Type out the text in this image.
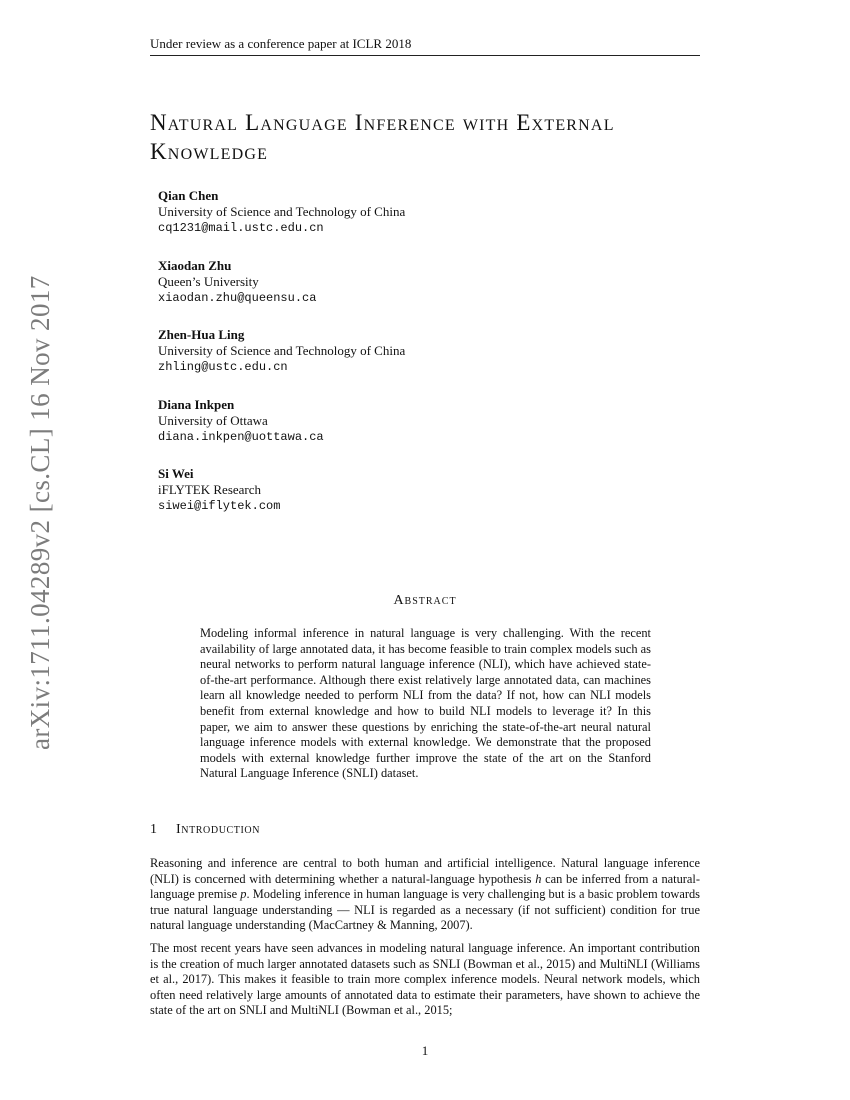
Under review as a conference paper at ICLR 2018
arXiv:1711.04289v2 [cs.CL] 16 Nov 2017
Natural Language Inference with External
Knowledge
Qian Chen
University of Science and Technology of China
cq1231@mail.ustc.edu.cn
Xiaodan Zhu
Queen’s University
xiaodan.zhu@queensu.ca
Zhen-Hua Ling
University of Science and Technology of China
zhling@ustc.edu.cn
Diana Inkpen
University of Ottawa
diana.inkpen@uottawa.ca
Si Wei
iFLYTEK Research
siwei@iflytek.com
Abstract

Modeling informal inference in natural language is very challenging. With the recent availability of large annotated data, it has become feasible to train complex models such as neural networks to perform natural language inference (NLI), which have achieved state-of-the-art performance. Although there exist relatively large annotated data, can machines learn all knowledge needed to perform NLI from the data? If not, how can NLI models benefit from external knowledge and how to build NLI models to leverage it? In this paper, we aim to answer these questions by enriching the state-of-the-art neural natural language inference models with external knowledge. We demonstrate that the proposed models with external knowledge further improve the state of the art on the Stanford Natural Language Inference (SNLI) dataset.

1 Introduction

Reasoning and inference are central to both human and artificial intelligence. Natural language inference (NLI) is concerned with determining whether a natural-language hypothesis h can be inferred from a natural-language premise p. Modeling inference in human language is very challenging but is a basic problem towards true natural language understanding — NLI is regarded as a necessary (if not sufficient) condition for true natural language understanding (MacCartney & Manning, 2007).

The most recent years have seen advances in modeling natural language inference. An important contribution is the creation of much larger annotated datasets such as SNLI (Bowman et al., 2015) and MultiNLI (Williams et al., 2017). This makes it feasible to train more complex inference models. Neural network models, which often need relatively large amounts of annotated data to estimate their parameters, have shown to achieve the state of the art on SNLI and MultiNLI (Bowman et al., 2015;

1
